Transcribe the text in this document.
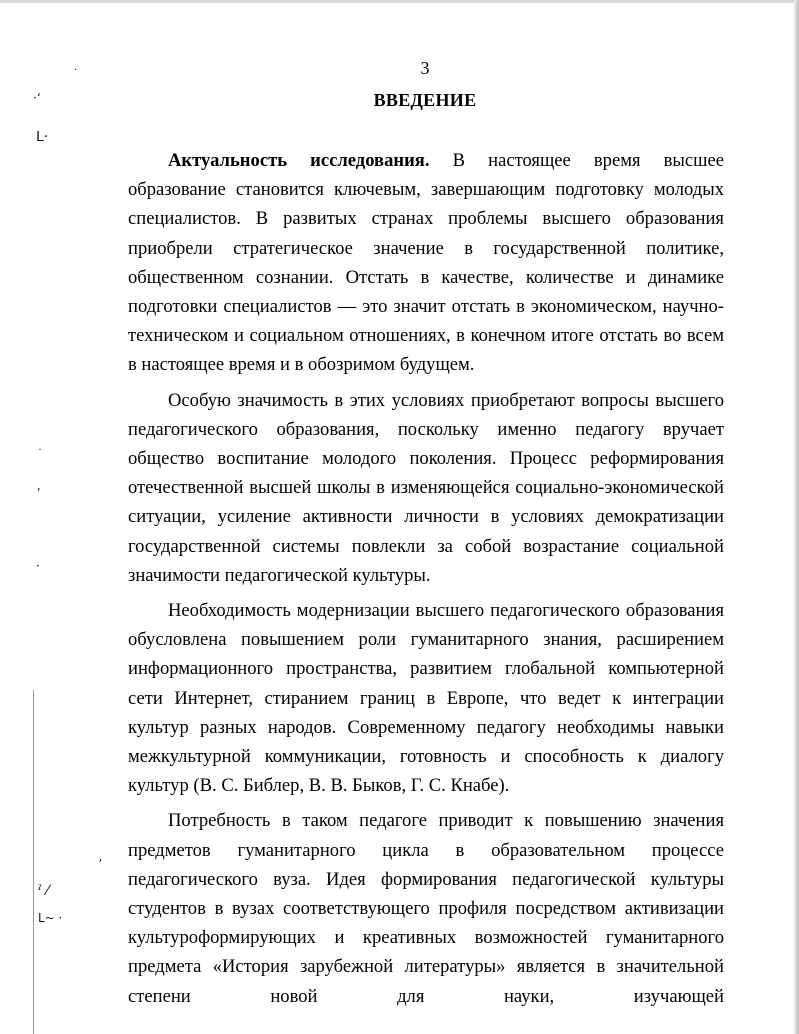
·
·ʻ
ᒪ·
˙
ʹ
·
ʼ
ˀ ⁄
ᒪ~ ·
3
ВВЕДЕНИЕ

Актуальность исследования. В настоящее время высшее образование становится ключевым, завершающим подготовку молодых специалистов. В развитых странах проблемы высшего образования приобрели стратегическое значение в государственной политике, общественном сознании. Отстать в качестве, количестве и динамике подготовки специалистов — это значит отстать в экономическом, научно-техническом и социальном отношениях, в конечном итоге отстать во всем в настоящее время и в обозримом будущем.

Особую значимость в этих условиях приобретают вопросы высшего педагогического образования, поскольку именно педагогу вручает общество воспитание молодого поколения. Процесс реформирования отечественной высшей школы в изменяющейся социально-экономической ситуации, усиление активности личности в условиях демократизации государственной системы повлекли за собой возрастание социальной значимости педагогической культуры.

Необходимость модернизации высшего педагогического образования обусловлена повышением роли гуманитарного знания, расширением информационного пространства, развитием глобальной компьютерной сети Интернет, стиранием границ в Европе, что ведет к интеграции культур разных народов. Современному педагогу необходимы навыки межкультурной коммуникации, готовность и способность к диалогу культур (В. С. Библер, В. В. Быков, Г. С. Кнабе).

Потребность в таком педагоге приводит к повышению значения предметов гуманитарного цикла в образовательном процессе педагогического вуза. Идея формирования педагогической культуры студентов в вузах соответствующего профиля посредством активизации культуроформирующих и креативных возможностей гуманитарного предмета «История зарубежной литературы» является в значительной степени новой для науки, изучающей
